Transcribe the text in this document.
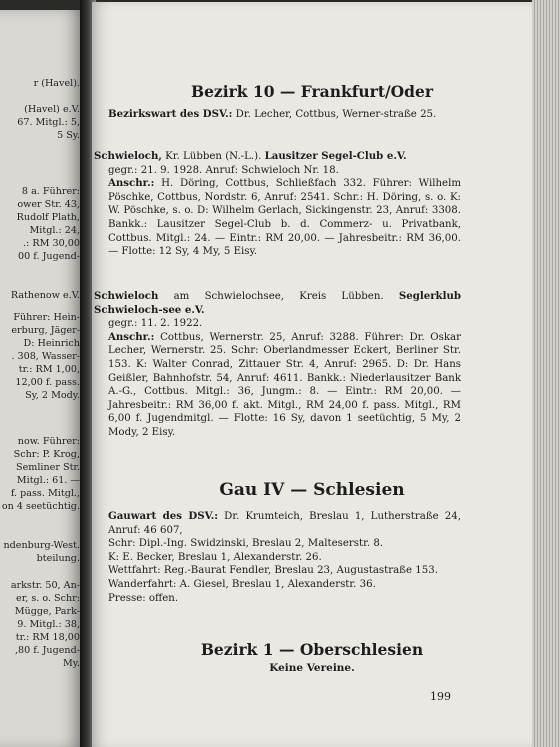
r (Havel).
(Havel) e.V.
67. Mitgl.: 5,
5 Sy.
8 a. Führer:
ower Str. 43,
Rudolf Plath,
Mitgl.: 24,
.: RM 30,00
00 f. Jugend-
Rathenow e.V.
Führer: Hein-
erburg, Jäger-
D: Heinrich
. 308, Wasser-
tr.: RM 1,00,
12,00 f. pass.
Sy, 2 Mody.
now. Führer:
Schr: P. Krog,
Semliner Str.
Mitgl.: 61. —
f. pass. Mitgl.,
on 4 seetüchtig.
ndenburg-West.
bteilung.
arkstr. 50, An-
er, s. o. Schr:
Mügge, Park-
9. Mitgl.: 38,
tr.: RM 18,00
,80 f. Jugend-
My.
Bezirk 10 — Frankfurt/Oder
Bezirkswart des DSV.: Dr. Lecher, Cottbus, Werner-straße 25.
Schwieloch, Kr. Lübben (N.-L.). Lausitzer Segel-Club e.V.
gegr.: 21. 9. 1928. Anruf: Schwieloch Nr. 18.
Anschr.: H. Döring, Cottbus, Schließfach 332. Führer: Wilhelm Pöschke, Cottbus, Nordstr. 6, Anruf: 2541. Schr.: H. Döring, s. o. K: W. Pöschke, s. o. D: Wilhelm Gerlach, Sickingenstr. 23, Anruf: 3308. Bankk.: Lausitzer Segel-Club b. d. Commerz- u. Privatbank, Cottbus. Mitgl.: 24. — Eintr.: RM 20,00. — Jahresbeitr.: RM 36,00. — Flotte: 12 Sy, 4 My, 5 Eisy.
Schwieloch am Schwielochsee, Kreis Lübben. Seglerklub Schwieloch-see e.V.
gegr.: 11. 2. 1922.
Anschr.: Cottbus, Wernerstr. 25, Anruf: 3288. Führer: Dr. Oskar Lecher, Wernerstr. 25. Schr: Oberlandmesser Eckert, Berliner Str. 153. K: Walter Conrad, Zittauer Str. 4, Anruf: 2965. D: Dr. Hans Geißler, Bahnhofstr. 54, Anruf: 4611. Bankk.: Niederlausitzer Bank A.-G., Cottbus. Mitgl.: 36, Jungm.: 8. — Eintr.: RM 20,00. — Jahresbeitr.: RM 36,00 f. akt. Mitgl., RM 24,00 f. pass. Mitgl., RM 6,00 f. Jugendmitgl. — Flotte: 16 Sy, davon 1 seetüchtig, 5 My, 2 Mody, 2 Eisy.
Gau IV — Schlesien
Gauwart des DSV.: Dr. Krumteich, Breslau 1, Lutherstraße 24, Anruf: 46 607,
Schr: Dipl.-Ing. Swidzinski, Breslau 2, Malteserstr. 8.
K: E. Becker, Breslau 1, Alexanderstr. 26.
Wettfahrt: Reg.-Baurat Fendler, Breslau 23, Augustastraße 153.
Wanderfahrt: A. Giesel, Breslau 1, Alexanderstr. 36.
Presse: offen.
Bezirk 1 — Oberschlesien
Keine Vereine.
199
